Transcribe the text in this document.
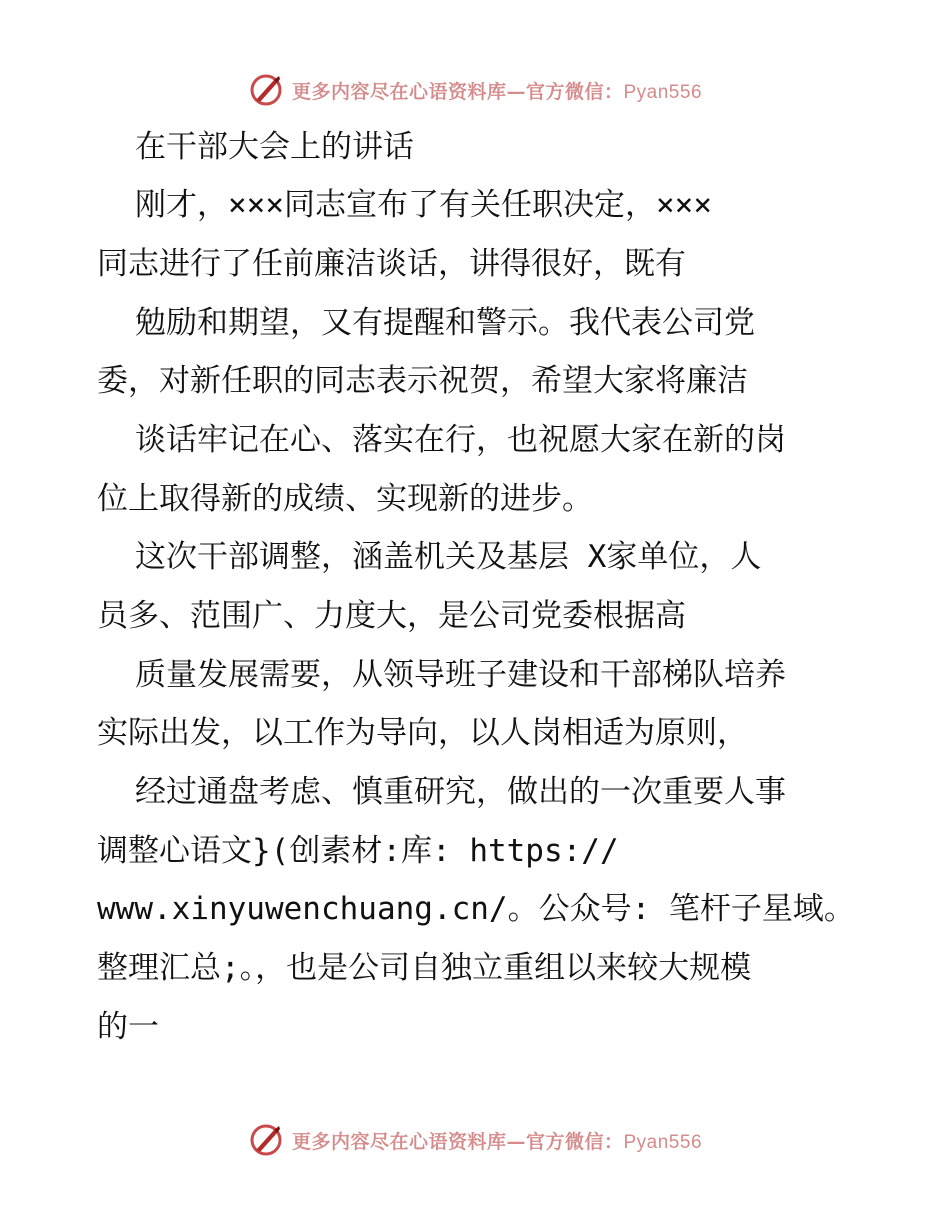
更多内容尽在心语资料库—官方微信：Pyan556
在干部大会上的讲话
刚才，×××同志宣布了有关任职决定，×××
同志进行了任前廉洁谈话，讲得很好，既有
勉励和期望，又有提醒和警示。我代表公司党
委，对新任职的同志表示祝贺，希望大家将廉洁
谈话牢记在心、落实在行，也祝愿大家在新的岗
位上取得新的成绩、实现新的进步。
这次干部调整，涵盖机关及基层 X家单位，人
员多、范围广、力度大，是公司党委根据高
质量发展需要，从领导班子建设和干部梯队培养
实际出发，以工作为导向，以人岗相适为原则，
经过通盘考虑、慎重研究，做出的一次重要人事
调整心语文}(创素材:库: https://
www.xinyuwenchuang.cn/。公众号: 笔杆子星域。
整理汇总;。，也是公司自独立重组以来较大规模
的一
更多内容尽在心语资料库—官方微信：Pyan556
